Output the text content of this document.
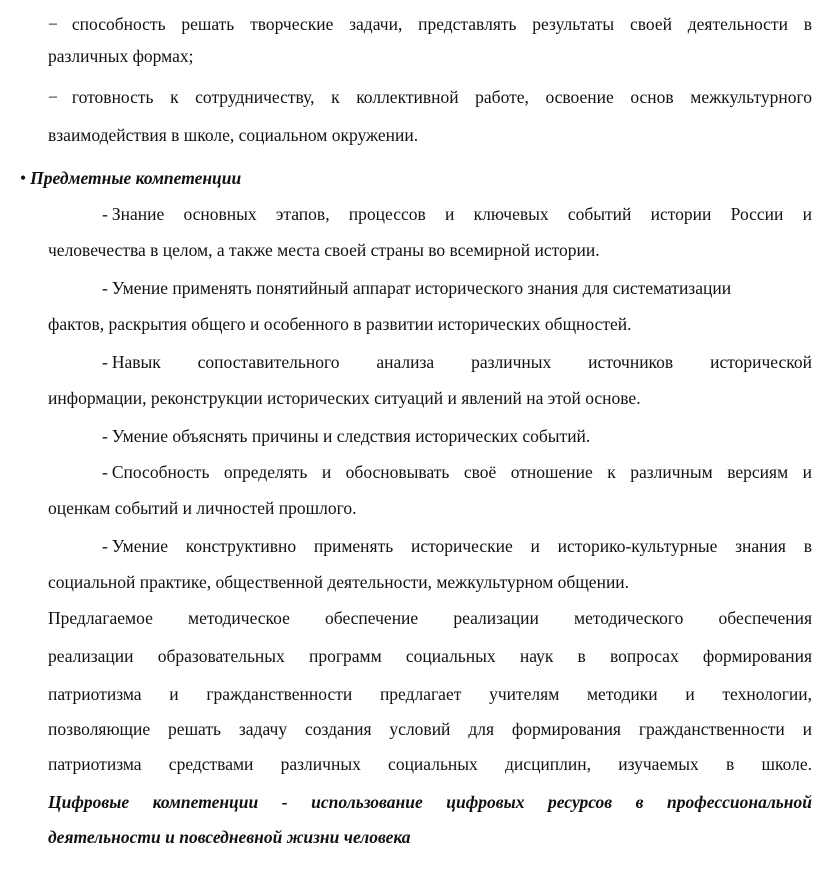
− способность решать творческие задачи, представлять результаты своей деятельности в
различных формах;
− готовность к сотрудничеству, к коллективной работе, освоение основ межкультурного
взаимодействия в школе, социальном окружении.
• Предметные компетенции
- Знание основных этапов, процессов и ключевых событий истории России и
человечества в целом, а также места своей страны во всемирной истории.
- Умение применять понятийный аппарат исторического знания для систематизации
фактов, раскрытия общего и особенного в развитии исторических общностей.
- Навык сопоставительного анализа различных источников исторической
информации, реконструкции исторических ситуаций и явлений на этой основе.
- Умение объяснять причины и следствия исторических событий.
- Способность определять и обосновывать своё отношение к различным версиям и
оценкам событий и личностей прошлого.
- Умение конструктивно применять исторические и историко-культурные знания в
социальной практике, общественной деятельности, межкультурном общении.
Предлагаемое методическое обеспечение реализации методического обеспечения
реализации образовательных программ социальных наук в вопросах формирования
патриотизма и гражданственности предлагает учителям методики и технологии,
позволяющие решать задачу создания условий для формирования гражданственности и
патриотизма средствами различных социальных дисциплин, изучаемых в школе.
Цифровые компетенции - использование цифровых ресурсов в профессиональной
деятельности и повседневной жизни человека
